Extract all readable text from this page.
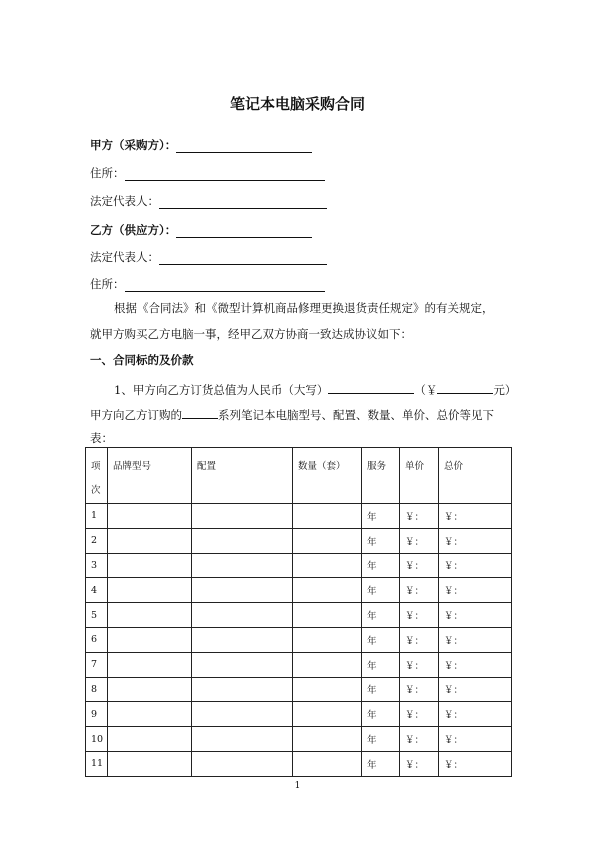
笔记本电脑采购合同
甲方（采购方）：
住所：
法定代表人：
乙方（供应方）：
法定代表人：
住所：
根据《合同法》和《微型计算机商品修理更换退货责任规定》的有关规定，
就甲方购买乙方电脑一事，经甲乙双方协商一致达成协议如下：
一、合同标的及价款
1、甲方向乙方订货总值为人民币（大写）	（￥	元）
甲方向乙方订购的	系列笔记本电脑型号、配置、数量、单价、总价等见下
表：
项
次	品牌型号	配置	数量（套）	服务	单价	总价
1				年	￥：	￥：
2				年	￥：	￥：
3				年	￥：	￥：
4				年	￥：	￥：
5				年	￥：	￥：
6				年	￥：	￥：
7				年	￥：	￥：
8				年	￥：	￥：
9				年	￥：	￥：
10				年	￥：	￥：
11				年	￥：	￥：
1
